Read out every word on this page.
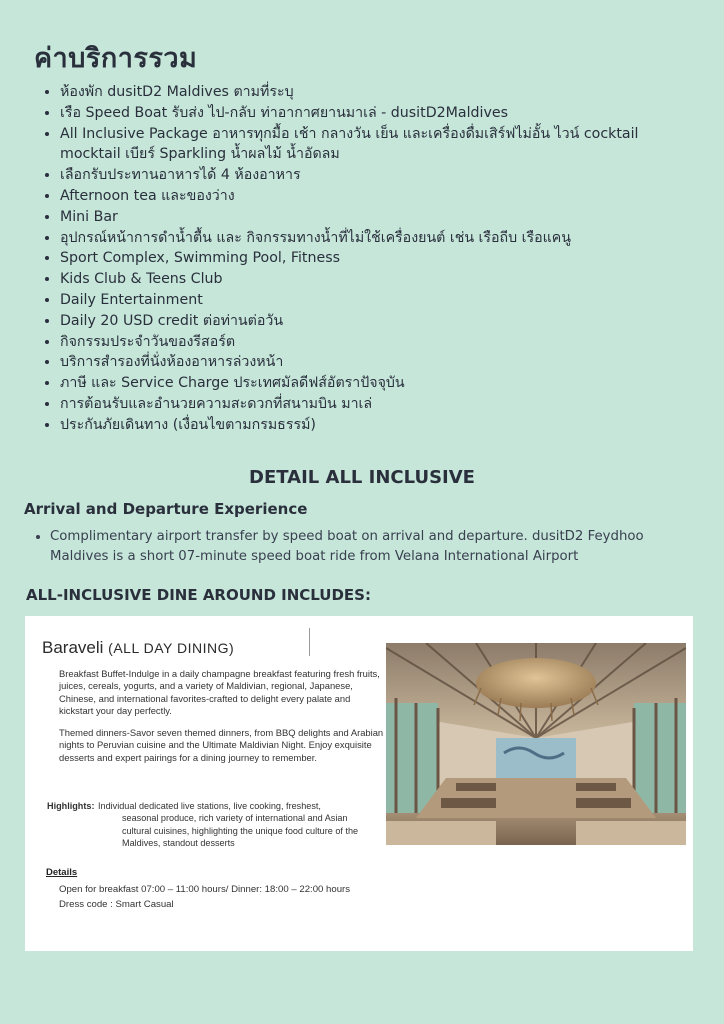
ค่าบริการรวม
• ห้องพัก dusitD2 Maldives ตามที่ระบุ
• เรือ Speed Boat รับส่ง ไป-กลับ ท่าอากาศยานมาเล่ - dusitD2Maldives
• All Inclusive Package อาหารทุกมื้อ เช้า กลางวัน เย็น และเครื่องดื่มเสิร์ฟไม่อั้น ไวน์ cocktail mocktail เบียร์ Sparkling น้ำผลไม้ น้ำอัดลม
• เลือกรับประทานอาหารได้ 4 ห้องอาหาร
• Afternoon tea และของว่าง
• Mini Bar
• อุปกรณ์หน้าการดำน้ำตื้น และ กิจกรรมทางน้ำที่ไม่ใช้เครื่องยนต์ เช่น เรือถีบ เรือแคนู
• Sport Complex, Swimming Pool, Fitness
• Kids Club & Teens Club
• Daily Entertainment
• Daily 20 USD credit ต่อท่านต่อวัน
• กิจกรรมประจำวันของรีสอร์ต
• บริการสำรองที่นั่งห้องอาหารล่วงหน้า
• ภาษี และ Service Charge ประเทศมัลดีฟส์อัตราปัจจุบัน
• การต้อนรับและอำนวยความสะดวกที่สนามบิน มาเล่
• ประกันภัยเดินทาง (เงื่อนไขตามกรมธรรม์)
DETAIL ALL INCLUSIVE
Arrival and Departure Experience
• Complimentary airport transfer by speed boat on arrival and departure. dusitD2 Feydhoo Maldives is a short 07-minute speed boat ride from Velana International Airport
ALL-INCLUSIVE DINE AROUND INCLUDES:
Baraveli (ALL DAY DINING)

Breakfast Buffet-Indulge in a daily champagne breakfast featuring fresh fruits, juices, cereals, yogurts, and a variety of Maldivian, regional, Japanese, Chinese, and international favorites-crafted to delight every palate and kickstart your day perfectly.

Themed dinners-Savor seven themed dinners, from BBQ delights and Arabian nights to Peruvian cuisine and the Ultimate Maldivian Night. Enjoy exquisite desserts and expert pairings for a dining journey to remember.

Highlights: Individual dedicated live stations, live cooking, freshest,
seasonal produce, rich variety of international and Asian
cultural cuisines, highlighting the unique food culture of the
Maldives, standout desserts
Details
Open for breakfast 07:00 – 11:00 hours/ Dinner: 18:00 – 22:00 hours
Dress code : Smart Casual
